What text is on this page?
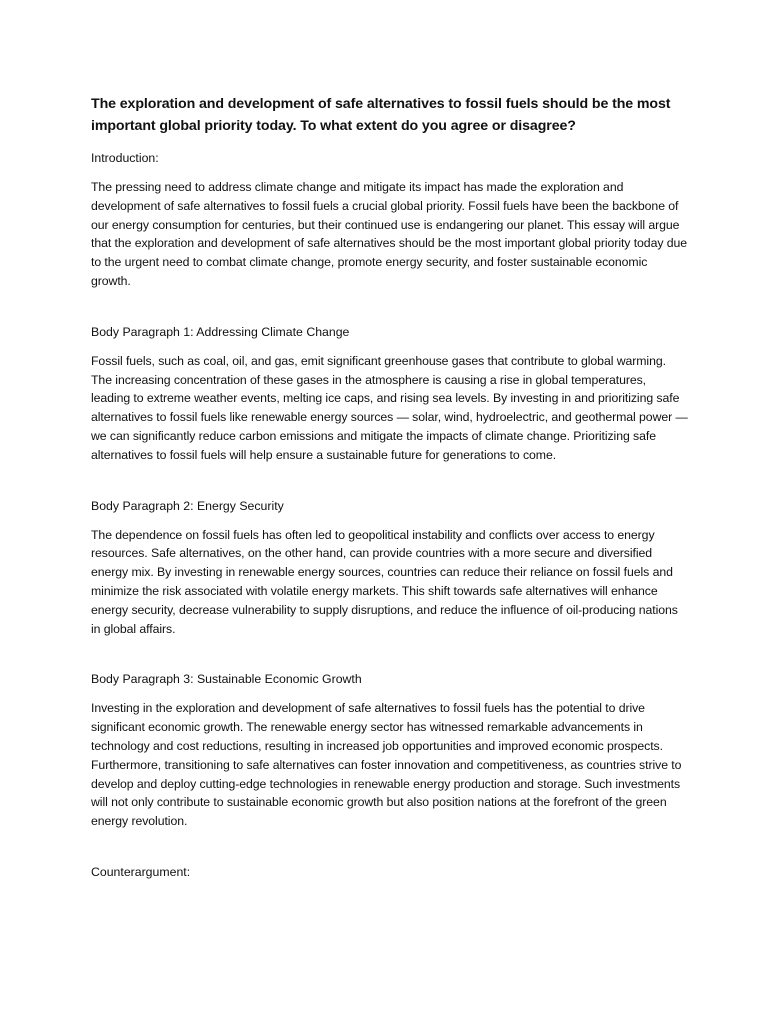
The exploration and development of safe alternatives to fossil fuels should be the most important global priority today. To what extent do you agree or disagree?
Introduction:
The pressing need to address climate change and mitigate its impact has made the exploration and development of safe alternatives to fossil fuels a crucial global priority. Fossil fuels have been the backbone of our energy consumption for centuries, but their continued use is endangering our planet. This essay will argue that the exploration and development of safe alternatives should be the most important global priority today due to the urgent need to combat climate change, promote energy security, and foster sustainable economic growth.
Body Paragraph 1: Addressing Climate Change
Fossil fuels, such as coal, oil, and gas, emit significant greenhouse gases that contribute to global warming. The increasing concentration of these gases in the atmosphere is causing a rise in global temperatures, leading to extreme weather events, melting ice caps, and rising sea levels. By investing in and prioritizing safe alternatives to fossil fuels like renewable energy sources — solar, wind, hydroelectric, and geothermal power — we can significantly reduce carbon emissions and mitigate the impacts of climate change. Prioritizing safe alternatives to fossil fuels will help ensure a sustainable future for generations to come.
Body Paragraph 2: Energy Security
The dependence on fossil fuels has often led to geopolitical instability and conflicts over access to energy resources. Safe alternatives, on the other hand, can provide countries with a more secure and diversified energy mix. By investing in renewable energy sources, countries can reduce their reliance on fossil fuels and minimize the risk associated with volatile energy markets. This shift towards safe alternatives will enhance energy security, decrease vulnerability to supply disruptions, and reduce the influence of oil-producing nations in global affairs.
Body Paragraph 3: Sustainable Economic Growth
Investing in the exploration and development of safe alternatives to fossil fuels has the potential to drive significant economic growth. The renewable energy sector has witnessed remarkable advancements in technology and cost reductions, resulting in increased job opportunities and improved economic prospects. Furthermore, transitioning to safe alternatives can foster innovation and competitiveness, as countries strive to develop and deploy cutting-edge technologies in renewable energy production and storage. Such investments will not only contribute to sustainable economic growth but also position nations at the forefront of the green energy revolution.
Counterargument:
